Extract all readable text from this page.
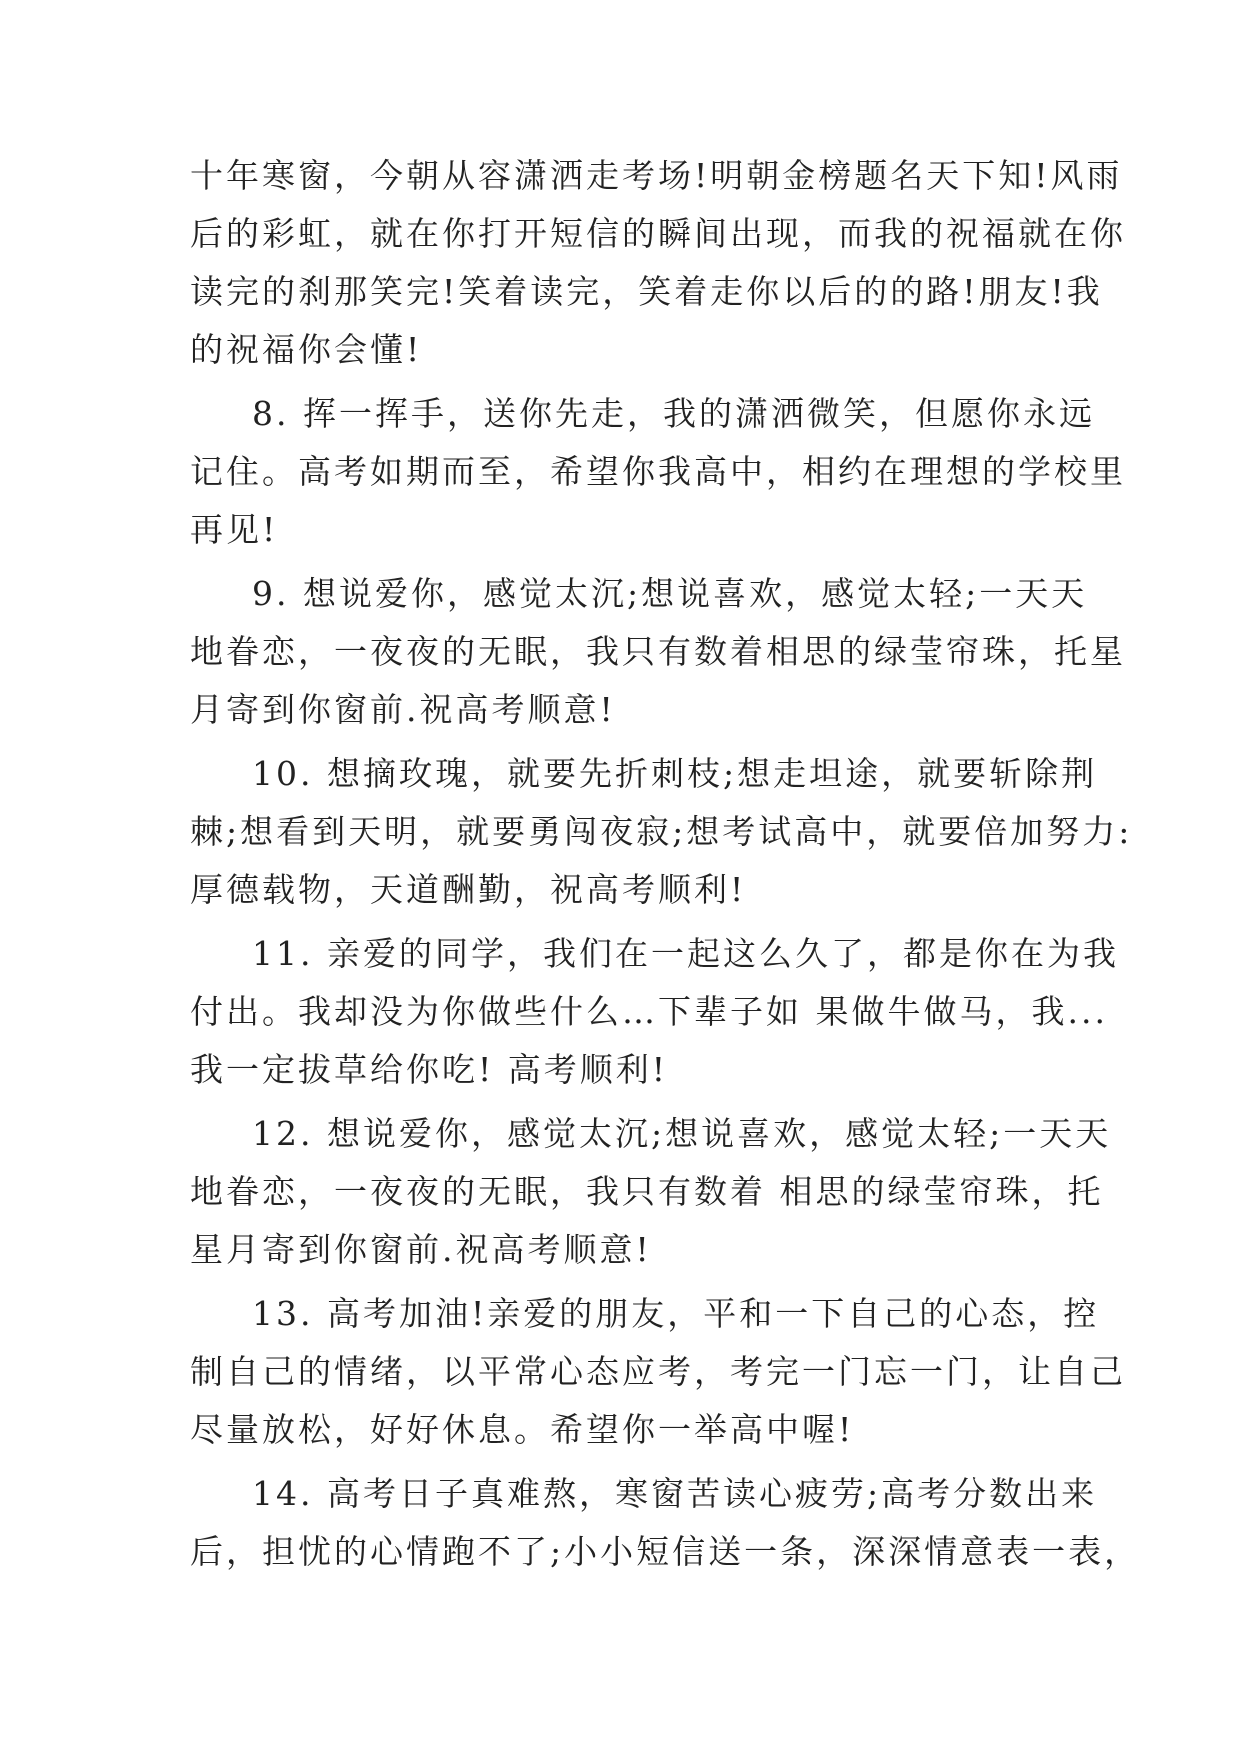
十年寒窗，今朝从容潇洒走考场!明朝金榜题名天下知!风雨
后的彩虹，就在你打开短信的瞬间出现，而我的祝福就在你
读完的刹那笑完!笑着读完，笑着走你以后的的路!朋友!我
的祝福你会懂!
8. 挥一挥手，送你先走，我的潇洒微笑，但愿你永远
记住。高考如期而至，希望你我高中，相约在理想的学校里
再见!
9. 想说爱你，感觉太沉;想说喜欢，感觉太轻;一天天
地眷恋，一夜夜的无眠，我只有数着相思的绿莹帘珠，托星
月寄到你窗前.祝高考顺意!
10. 想摘玫瑰，就要先折刺枝;想走坦途，就要斩除荆
棘;想看到天明，就要勇闯夜寂;想考试高中，就要倍加努力:
厚德载物，天道酬勤，祝高考顺利!
11. 亲爱的同学，我们在一起这么久了，都是你在为我
付出。我却没为你做些什么…下辈子如 果做牛做马，我...
我一定拔草给你吃! 高考顺利!
12. 想说爱你，感觉太沉;想说喜欢，感觉太轻;一天天
地眷恋，一夜夜的无眠，我只有数着 相思的绿莹帘珠，托
星月寄到你窗前.祝高考顺意!
13. 高考加油!亲爱的朋友，平和一下自己的心态，控
制自己的情绪，以平常心态应考，考完一门忘一门，让自己
尽量放松，好好休息。希望你一举高中喔!
14. 高考日子真难熬，寒窗苦读心疲劳;高考分数出来
后，担忧的心情跑不了;小小短信送一条，深深情意表一表，
